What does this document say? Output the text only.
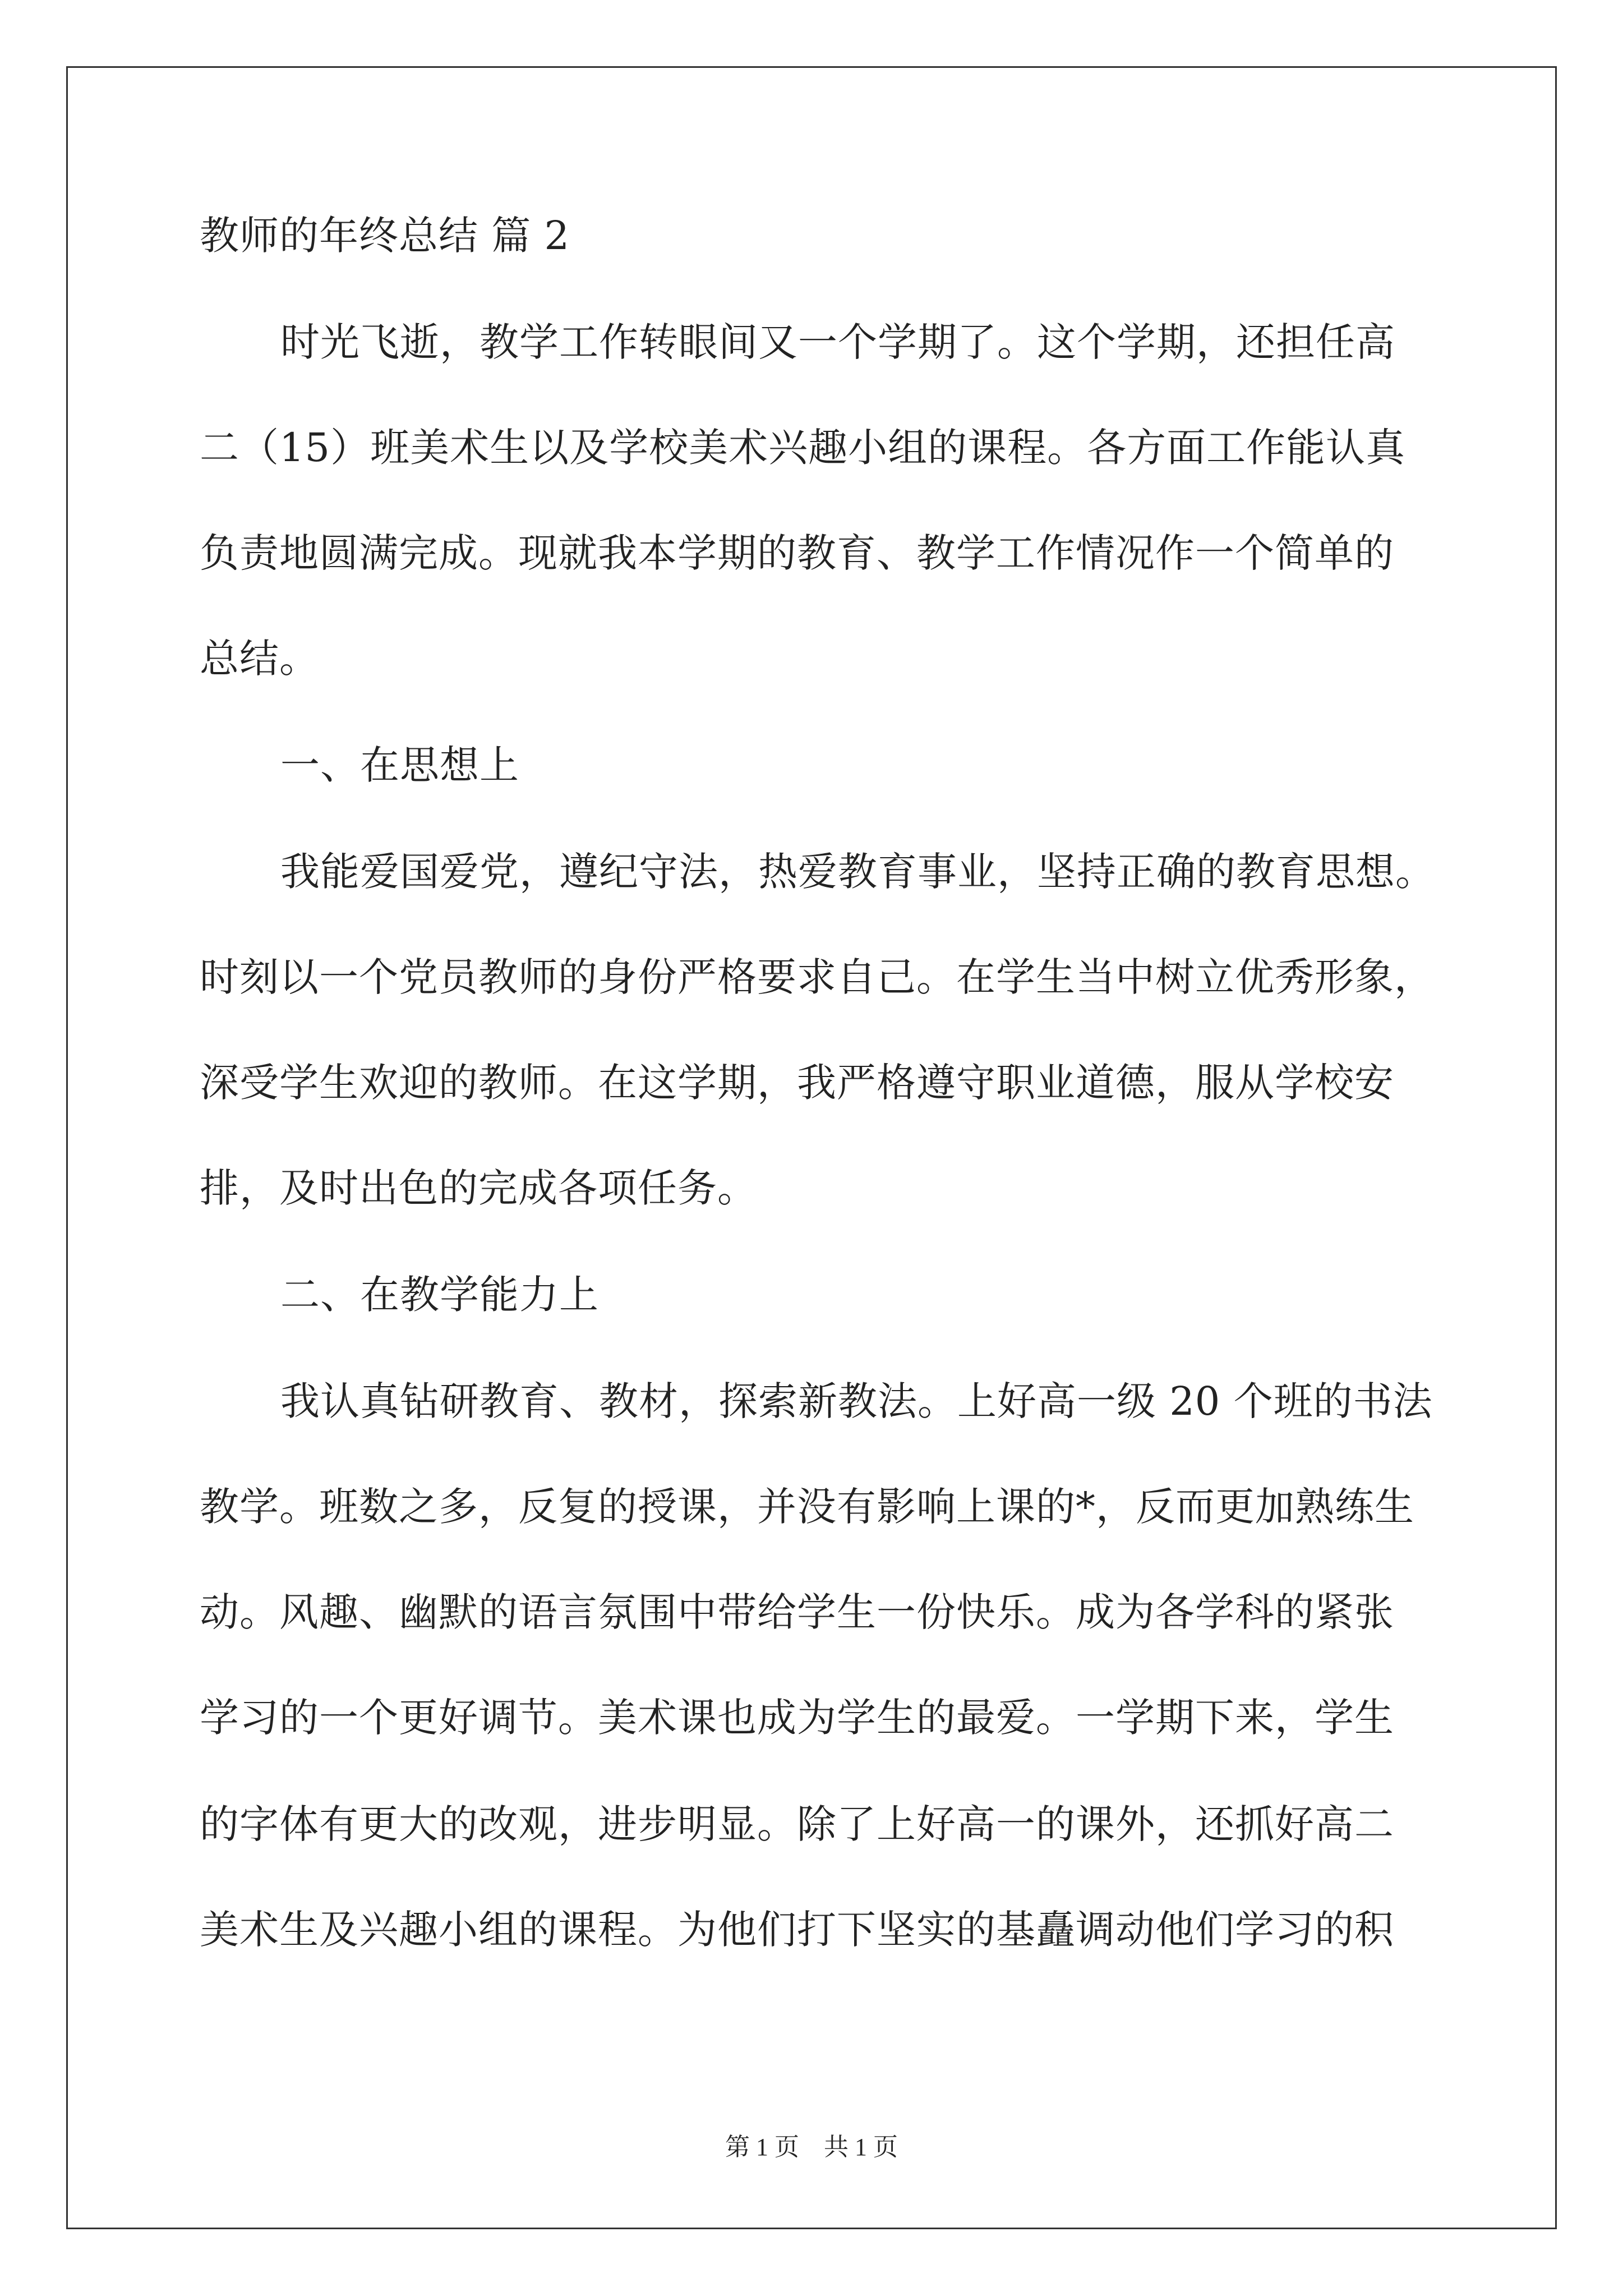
教师的年终总结 篇 2
时光飞逝，教学工作转眼间又一个学期了。这个学期，还担任高
二（15）班美术生以及学校美术兴趣小组的课程。各方面工作能认真
负责地圆满完成。现就我本学期的教育、教学工作情况作一个简单的
总结。
一、在思想上
我能爱国爱党，遵纪守法，热爱教育事业，坚持正确的教育思想。
时刻以一个党员教师的身份严格要求自己。在学生当中树立优秀形象，
深受学生欢迎的教师。在这学期，我严格遵守职业道德，服从学校安
排，及时出色的完成各项任务。
二、在教学能力上
我认真钻研教育、教材，探索新教法。上好高一级 20 个班的书法
教学。班数之多，反复的授课，并没有影响上课的*，反而更加熟练生
动。风趣、幽默的语言氛围中带给学生一份快乐。成为各学科的紧张
学习的一个更好调节。美术课也成为学生的最爱。一学期下来，学生
的字体有更大的改观，进步明显。除了上好高一的课外，还抓好高二
美术生及兴趣小组的课程。为他们打下坚实的基矗调动他们学习的积
第 1 页　共 1 页
